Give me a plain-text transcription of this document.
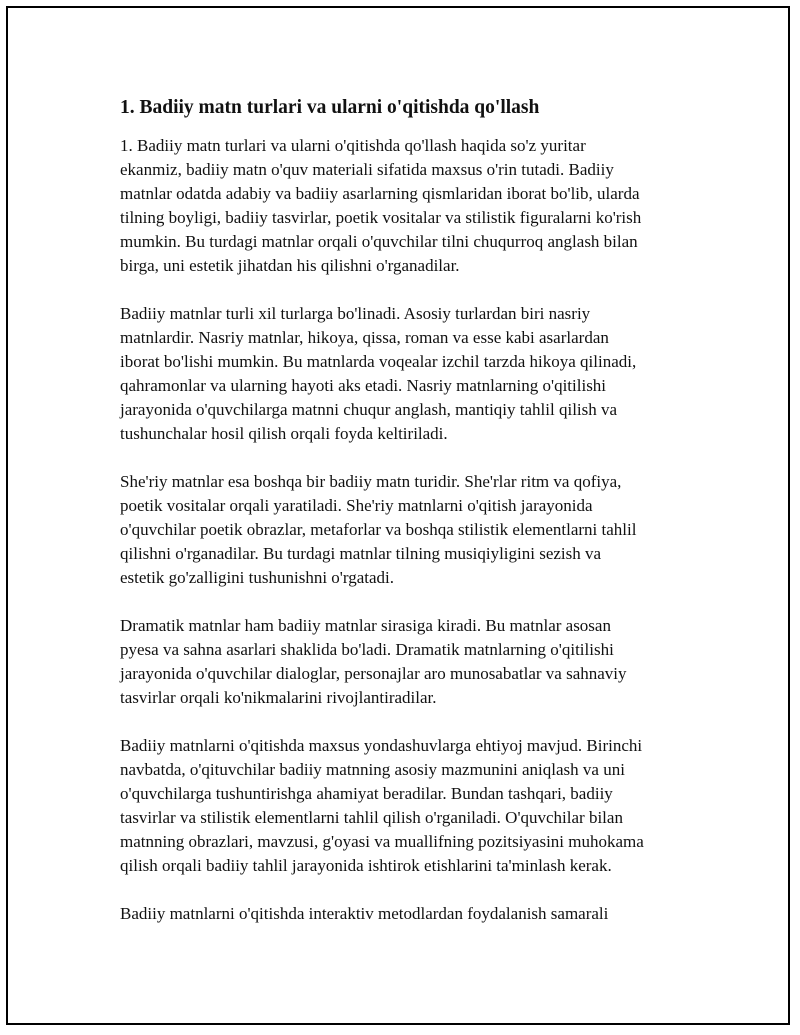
1. Badiiy matn turlari va ularni o'qitishda qo'llash

1. Badiiy matn turlari va ularni o'qitishda qo'llash haqida so'z yuritar
ekanmiz, badiiy matn o'quv materiali sifatida maxsus o'rin tutadi. Badiiy
matnlar odatda adabiy va badiiy asarlarning qismlaridan iborat bo'lib, ularda
tilning boyligi, badiiy tasvirlar, poetik vositalar va stilistik figuralarni ko'rish
mumkin. Bu turdagi matnlar orqali o'quvchilar tilni chuqurroq anglash bilan
birga, uni estetik jihatdan his qilishni o'rganadilar.

Badiiy matnlar turli xil turlarga bo'linadi. Asosiy turlardan biri nasriy
matnlardir. Nasriy matnlar, hikoya, qissa, roman va esse kabi asarlardan
iborat bo'lishi mumkin. Bu matnlarda voqealar izchil tarzda hikoya qilinadi,
qahramonlar va ularning hayoti aks etadi. Nasriy matnlarning o'qitilishi
jarayonida o'quvchilarga matnni chuqur anglash, mantiqiy tahlil qilish va
tushunchalar hosil qilish orqali foyda keltiriladi.

She'riy matnlar esa boshqa bir badiiy matn turidir. She'rlar ritm va qofiya,
poetik vositalar orqali yaratiladi. She'riy matnlarni o'qitish jarayonida
o'quvchilar poetik obrazlar, metaforlar va boshqa stilistik elementlarni tahlil
qilishni o'rganadilar. Bu turdagi matnlar tilning musiqiyligini sezish va
estetik go'zalligini tushunishni o'rgatadi.

Dramatik matnlar ham badiiy matnlar sirasiga kiradi. Bu matnlar asosan
pyesa va sahna asarlari shaklida bo'ladi. Dramatik matnlarning o'qitilishi
jarayonida o'quvchilar dialoglar, personajlar aro munosabatlar va sahnaviy
tasvirlar orqali ko'nikmalarini rivojlantiradilar.

Badiiy matnlarni o'qitishda maxsus yondashuvlarga ehtiyoj mavjud. Birinchi
navbatda, o'qituvchilar badiiy matnning asosiy mazmunini aniqlash va uni
o'quvchilarga tushuntirishga ahamiyat beradilar. Bundan tashqari, badiiy
tasvirlar va stilistik elementlarni tahlil qilish o'rganiladi. O'quvchilar bilan
matnning obrazlari, mavzusi, g'oyasi va muallifning pozitsiyasini muhokama
qilish orqali badiiy tahlil jarayonida ishtirok etishlarini ta'minlash kerak.

Badiiy matnlarni o'qitishda interaktiv metodlardan foydalanish samarali
